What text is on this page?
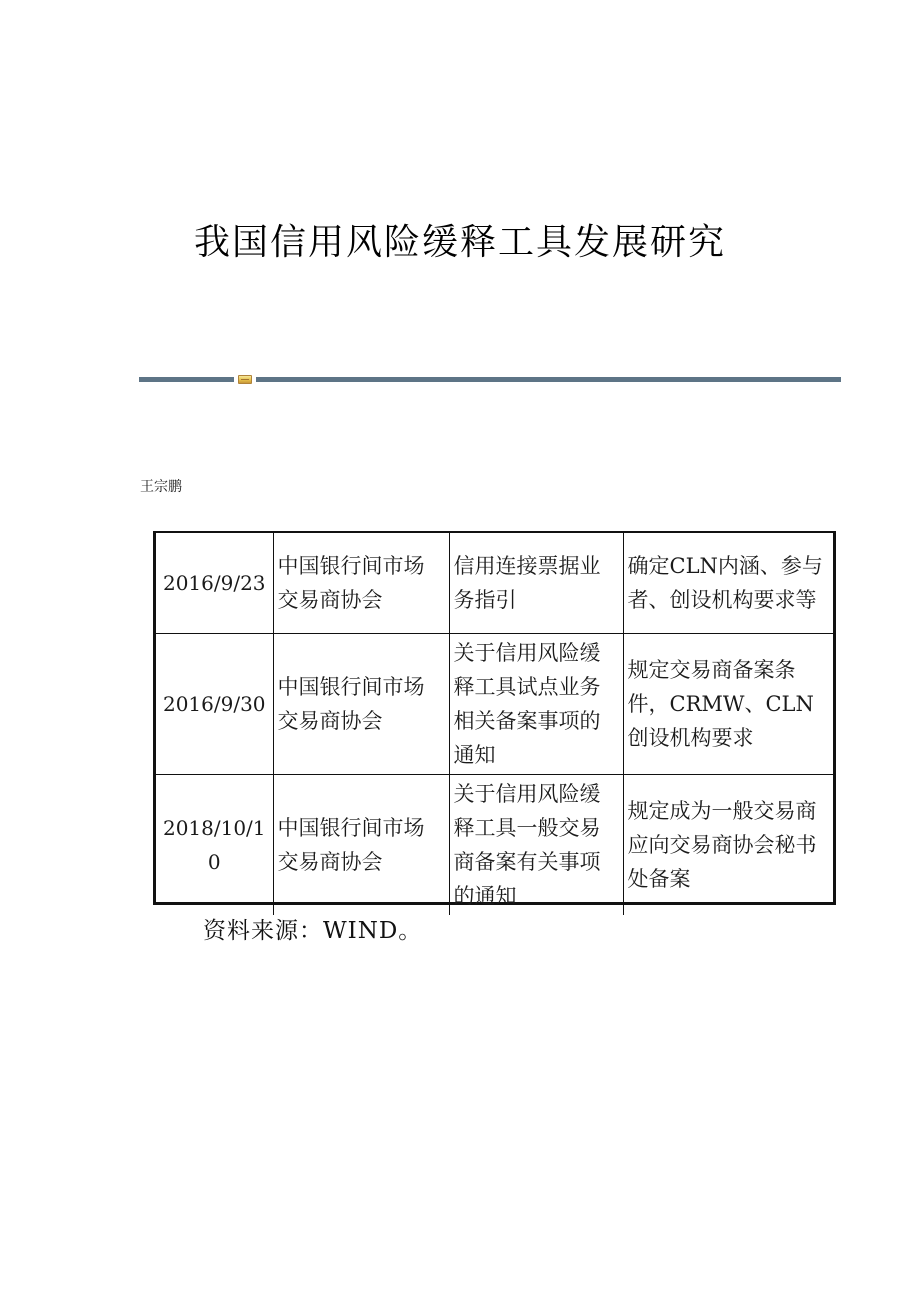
我国信用风险缓释工具发展研究
王宗鹏
2016/9/23	中国银行间市场交易商协会	信用连接票据业务指引	确定CLN内涵、参与者、创设机构要求等
2016/9/30	中国银行间市场交易商协会	关于信用风险缓释工具试点业务相关备案事项的通知	规定交易商备案条件，CRMW、CLN创设机构要求
2018/10/10	中国银行间市场交易商协会	关于信用风险缓释工具一般交易商备案有关事项的通知	规定成为一般交易商应向交易商协会秘书处备案
资料来源：WIND。
